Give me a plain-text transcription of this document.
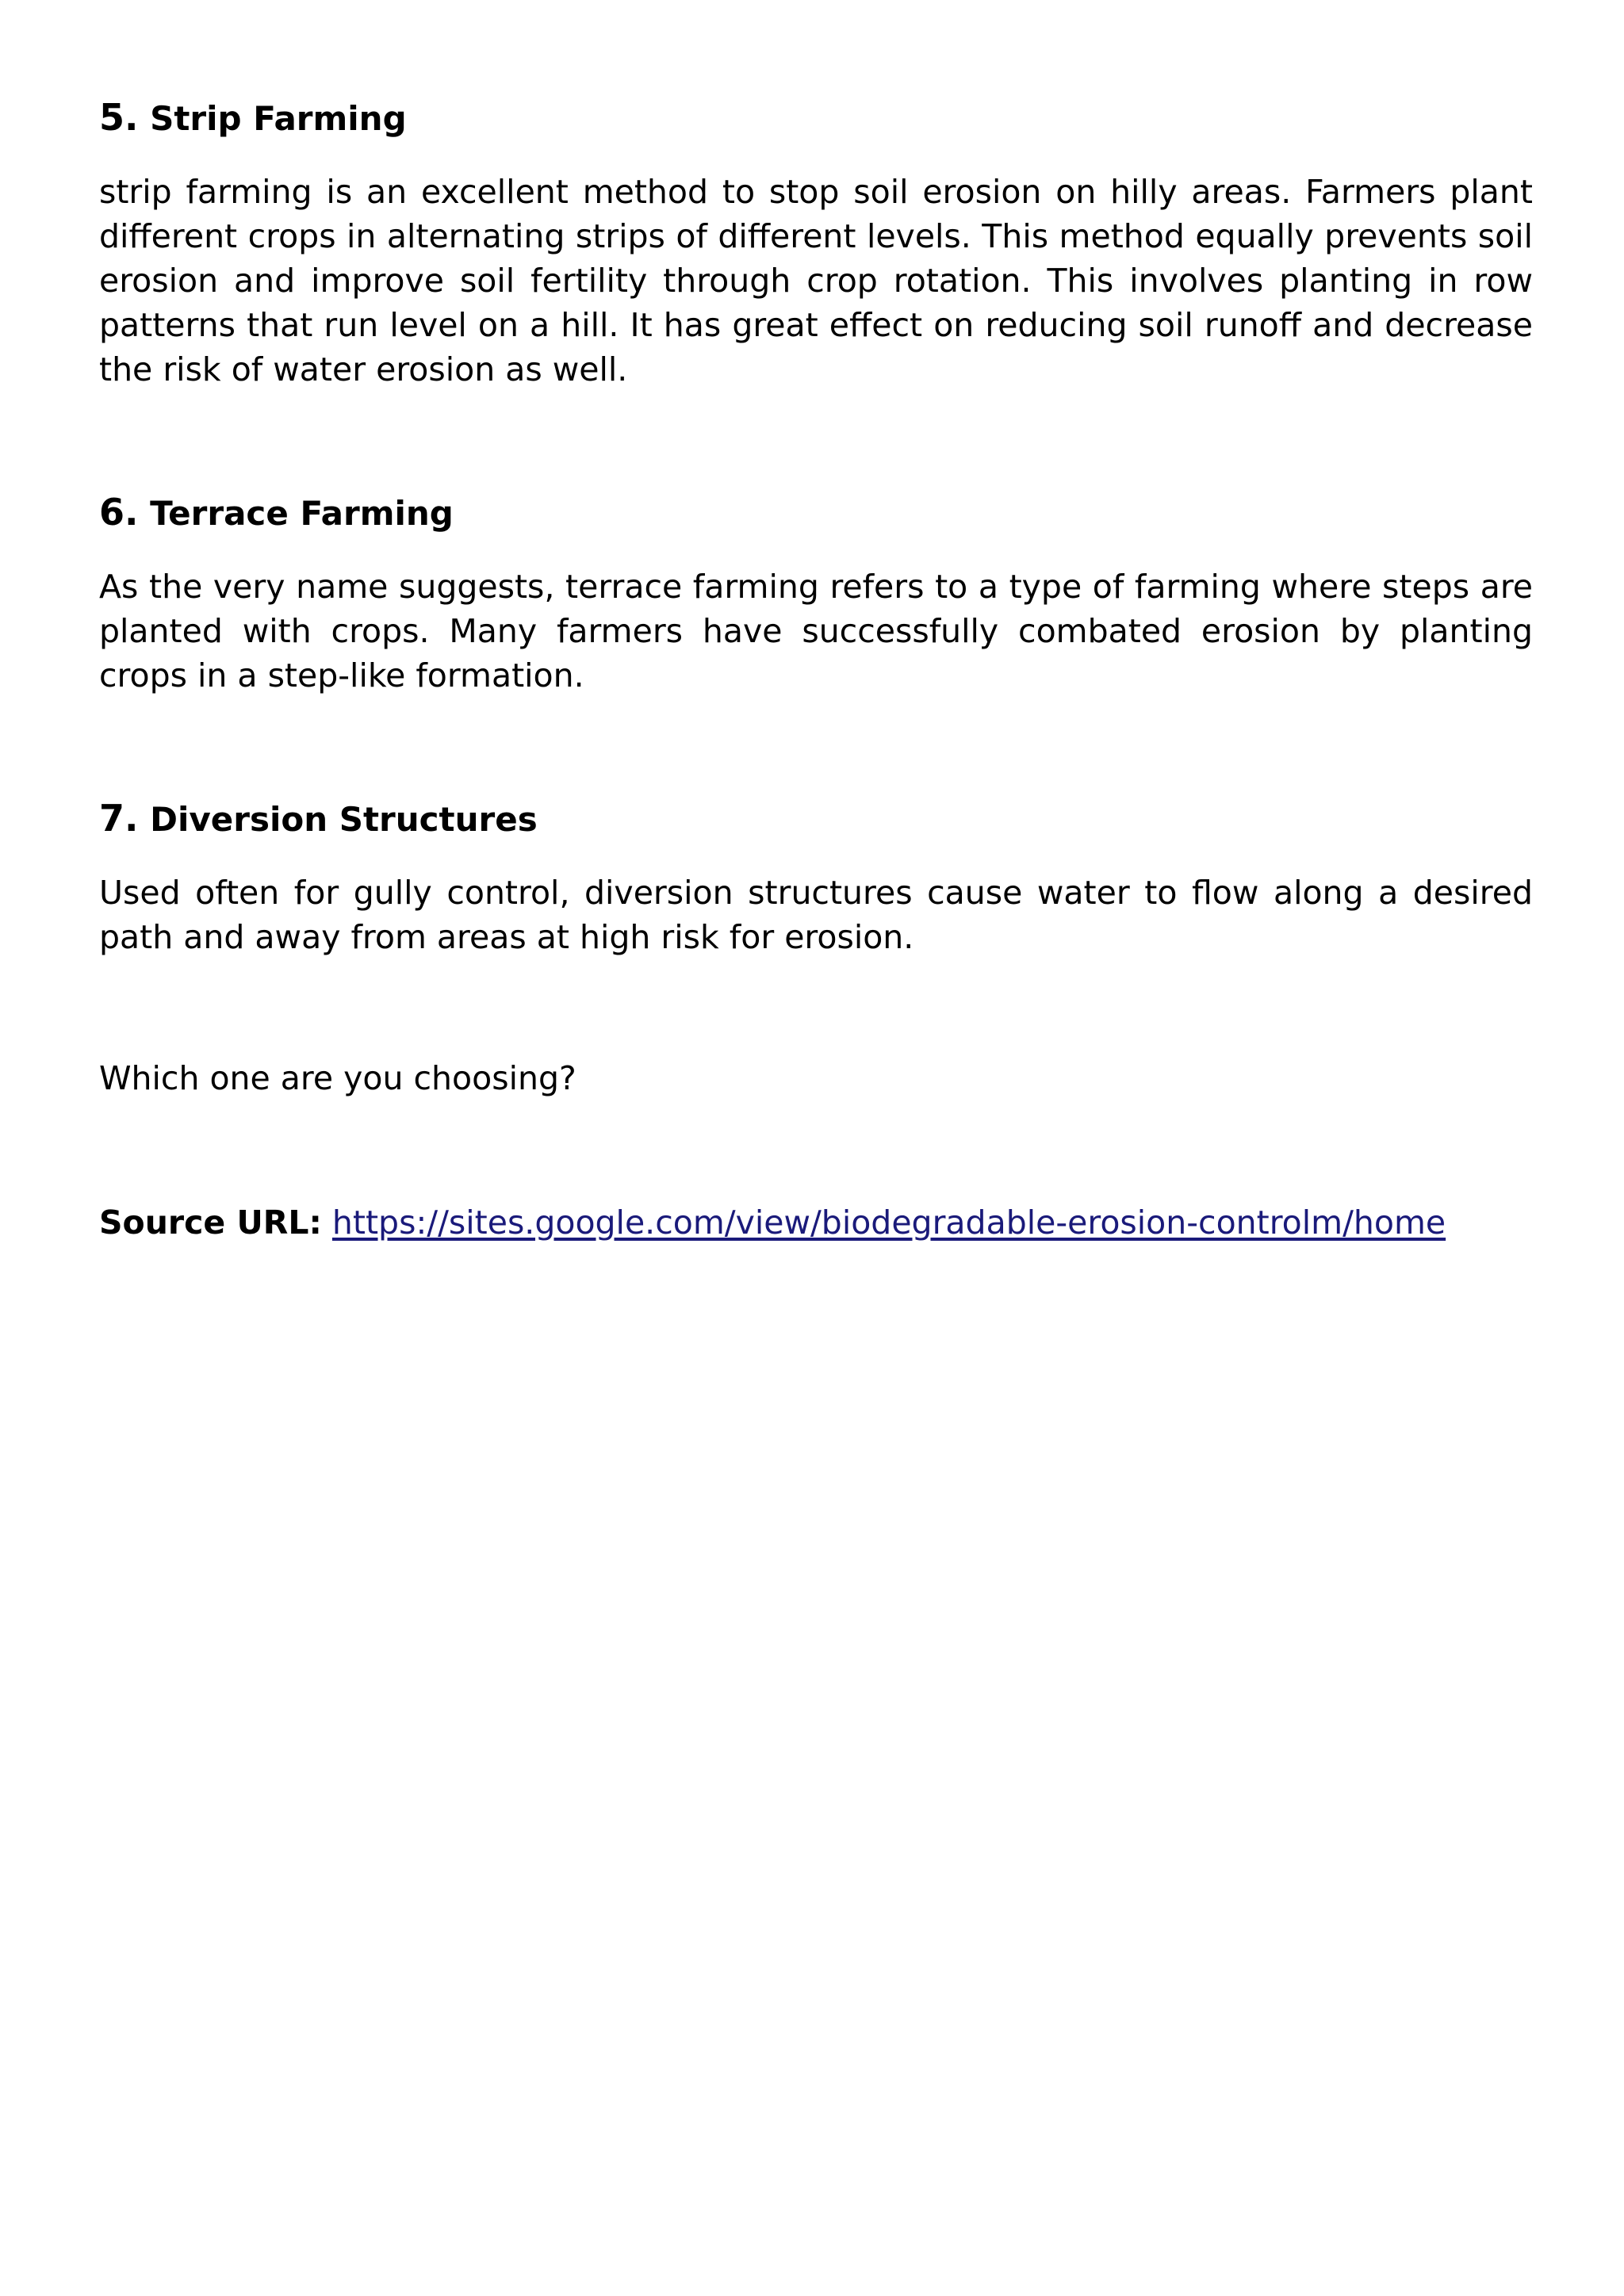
5. Strip Farming

strip farming is an excellent method to stop soil erosion on hilly areas. Farmers plant different crops in alternating strips of different levels. This method equally prevents soil erosion and improve soil fertility through crop rotation. This involves planting in row patterns that run level on a hill. It has great effect on reducing soil runoff and decrease the risk of water erosion as well.

6. Terrace Farming

As the very name suggests, terrace farming refers to a type of farming where steps are planted with crops. Many farmers have successfully combated erosion by planting crops in a step-like formation.

7. Diversion Structures

Used often for gully control, diversion structures cause water to flow along a desired path and away from areas at high risk for erosion.

Which one are you choosing?

Source URL: https://sites.google.com/view/biodegradable-erosion-controlm/home
